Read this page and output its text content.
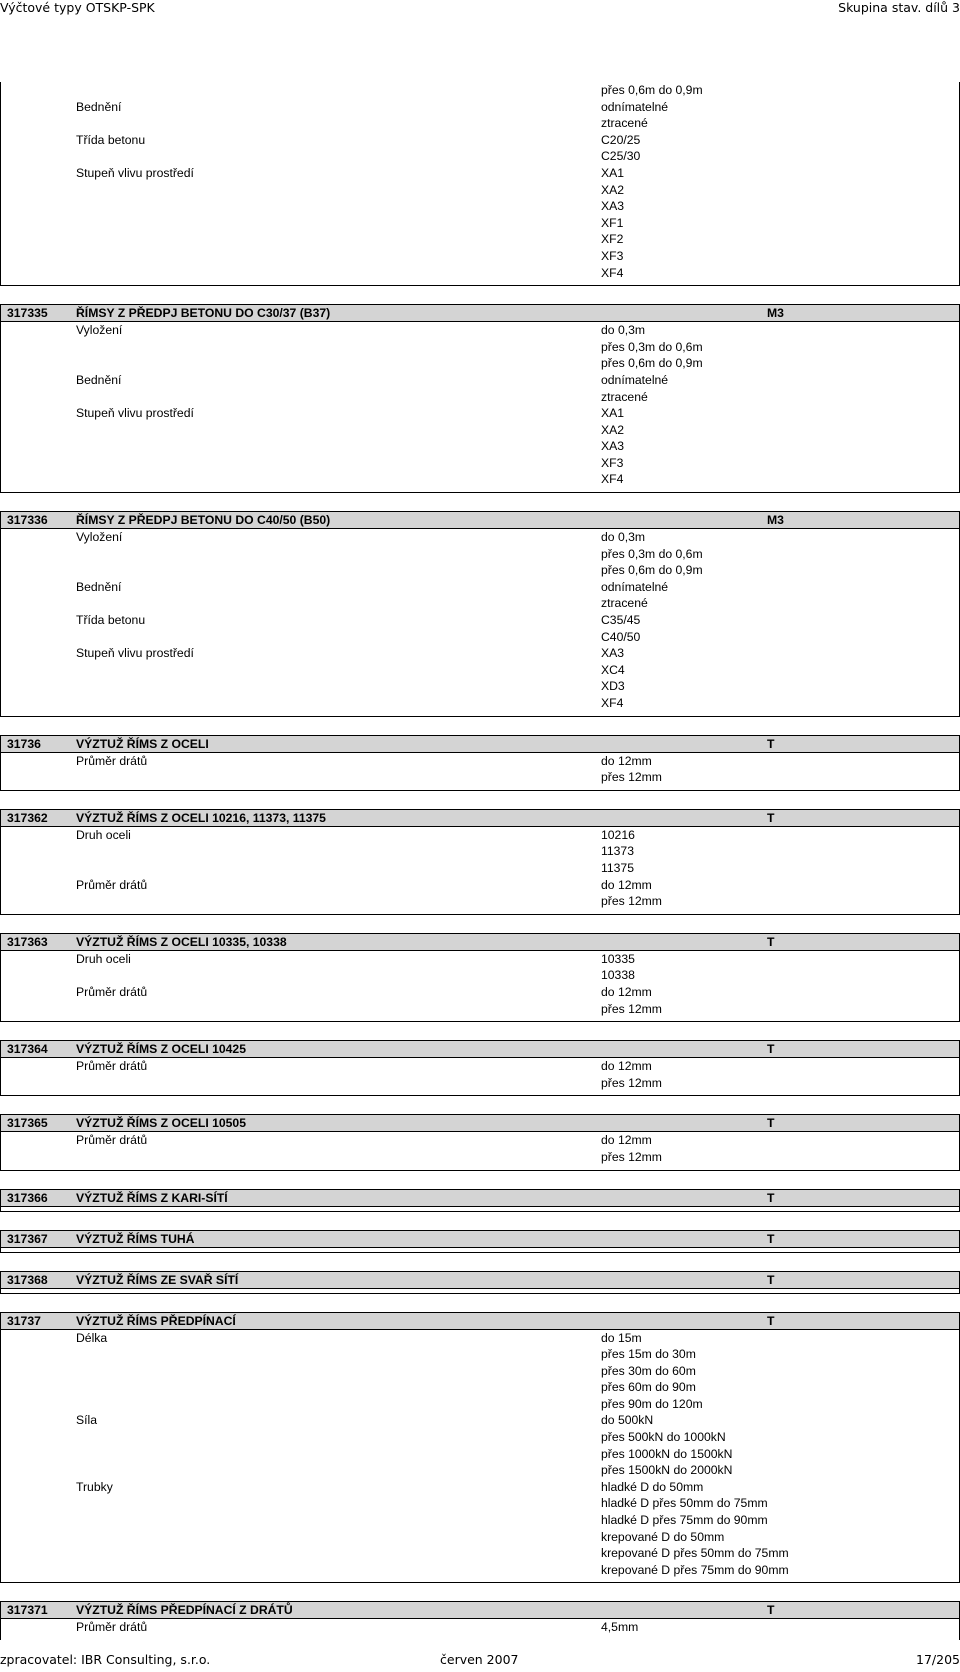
Výčtové typy OTSKP-SPK	Skupina stav. dílů 3
přes 0,6m do 0,9m
Bednění	odnímatelné
ztracené
Třída betonu	C20/25
C25/30
Stupeň vlivu prostředí	XA1
XA2
XA3
XF1
XF2
XF3
XF4
317335 ŘÍMSY Z PŘEDPJ BETONU DO C30/37 (B37)	M3
Vyložení	do 0,3m
přes 0,3m do 0,6m
přes 0,6m do 0,9m
Bednění	odnímatelné
ztracené
Stupeň vlivu prostředí	XA1
XA2
XA3
XF3
XF4
317336 ŘÍMSY Z PŘEDPJ BETONU DO C40/50 (B50)	M3
Vyložení	do 0,3m
přes 0,3m do 0,6m
přes 0,6m do 0,9m
Bednění	odnímatelné
ztracené
Třída betonu	C35/45
C40/50
Stupeň vlivu prostředí	XA3
XC4
XD3
XF4
31736	VÝZTUŽ ŘÍMS Z OCELI	T
Průměr drátů	do 12mm
přes 12mm
317362 VÝZTUŽ ŘÍMS Z OCELI 10216, 11373, 11375	T
Druh oceli	10216
11373
11375
Průměr drátů	do 12mm
přes 12mm
317363 VÝZTUŽ ŘÍMS Z OCELI 10335, 10338	T
Druh oceli	10335
10338
Průměr drátů	do 12mm
přes 12mm
317364 VÝZTUŽ ŘÍMS Z OCELI 10425	T
Průměr drátů	do 12mm
přes 12mm
317365 VÝZTUŽ ŘÍMS Z OCELI 10505	T
Průměr drátů	do 12mm
přes 12mm
317366 VÝZTUŽ ŘÍMS Z KARI-SÍTÍ	T
317367 VÝZTUŽ ŘÍMS TUHÁ	T
317368 VÝZTUŽ ŘÍMS ZE SVAŘ SÍTÍ	T
31737	VÝZTUŽ ŘÍMS PŘEDPÍNACÍ	T
Délka	do 15m
přes 15m do 30m
přes 30m do 60m
přes 60m do 90m
přes 90m do 120m
Síla	do 500kN
přes 500kN do 1000kN
přes 1000kN do 1500kN
přes 1500kN do 2000kN
Trubky	hladké D do 50mm
hladké D přes 50mm do 75mm
hladké D přes 75mm do 90mm
krepované D do 50mm
krepované D přes 50mm do 75mm
krepované D přes 75mm do 90mm
317371 VÝZTUŽ ŘÍMS PŘEDPÍNACÍ Z DRÁTŮ	T
Průměr drátů	4,5mm
zpracovatel: IBR Consulting, s.r.o.	červen 2007	17/205
